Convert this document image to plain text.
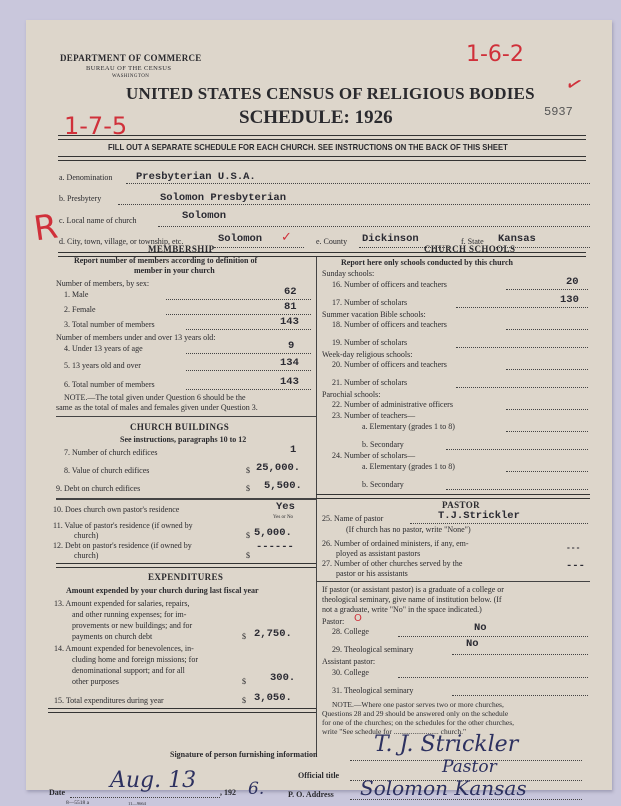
DEPARTMENT OF COMMERCE
BUREAU OF THE CENSUS
WASHINGTON
1-6-2
✓
UNITED STATES CENSUS OF RELIGIOUS BODIES
5937
1-7-5	SCHEDULE: 1926
FILL OUT A SEPARATE SCHEDULE FOR EACH CHURCH. SEE INSTRUCTIONS ON THE BACK OF THIS SHEET
a. Denomination Presbyterian U.S.A.
b. Presbytery	Solomon Presbyterian
c. Local name of church	Solomon
R
d. City, town, village, or township, etc.	Solomon ✓	e. County Dickinson	f. State Kansas
MEMBERSHIP
Report number of members according to definition of
member in your church
Number of members, by sex:
1. Male	62
2. Female	81
3. Total number of members	143
Number of members under and over 13 years old:
4. Under 13 years of age	9
5. 13 years old and over	134
6. Total number of members	143
NOTE.—The total given under Question 6 should be the
same as the total of males and females given under Question 3.
CHURCH BUILDINGS
See instructions, paragraphs 10 to 12
7. Number of church edifices	1
8. Value of church edifices	$ 25,000.
9. Debt on church edifices	$ 5,500.
10. Does church own pastor's residence	Yes
Yes or No
11. Value of pastor's residence (if owned by
church)	$ 5,000.
12. Debt on pastor's residence (if owned by
church)	$
------
EXPENDITURES
Amount expended by your church during last fiscal year
13. Amount expended for salaries, repairs,
and other running expenses; for im-
provements or new buildings; and for
payments on church debt	$ 2,750.
14. Amount expended for benevolences, in-
cluding home and foreign missions; for
denominational support; and for all
other purposes	$ 300.
15. Total expenditures during year	$ 3,050.
CHURCH SCHOOLS
Report here only schools conducted by this church
Sunday schools:
16. Number of officers and teachers	20
17. Number of scholars	130
Summer vacation Bible schools:
18. Number of officers and teachers
19. Number of scholars
Week-day religious schools:
20. Number of officers and teachers
21. Number of scholars
Parochial schools:
22. Number of administrative officers
23. Number of teachers—
a. Elementary (grades 1 to 8)
b. Secondary
24. Number of scholars—
a. Elementary (grades 1 to 8)
b. Secondary
PASTOR
25. Name of pastor	T.J.Strickler
(If church has no pastor, write "None")
26. Number of ordained ministers, if any, em-
ployed as assistant pastors
---
27. Number of other churches served by the
pastor or his assistants
---
If pastor (or assistant pastor) is a graduate of a college or
theological seminary, give name of institution below. (If
not a graduate, write "No" in the space indicated.)
Pastor: O
28. College	No
29. Theological seminary	No
Assistant pastor:
30. College
31. Theological seminary
NOTE.—Where one pastor serves two or more churches,
Questions 28 and 29 should be answered only on the schedule
for one of the churches; on the schedules for the other churches,
write "See schedule for ........................ church."
Signature of person furnishing information	T. J. Strickler
Official title	Pastor
Date Aug. 13	, 192 6.	P. O. Address Solomon Kansas
8—5518 a	11—9664
